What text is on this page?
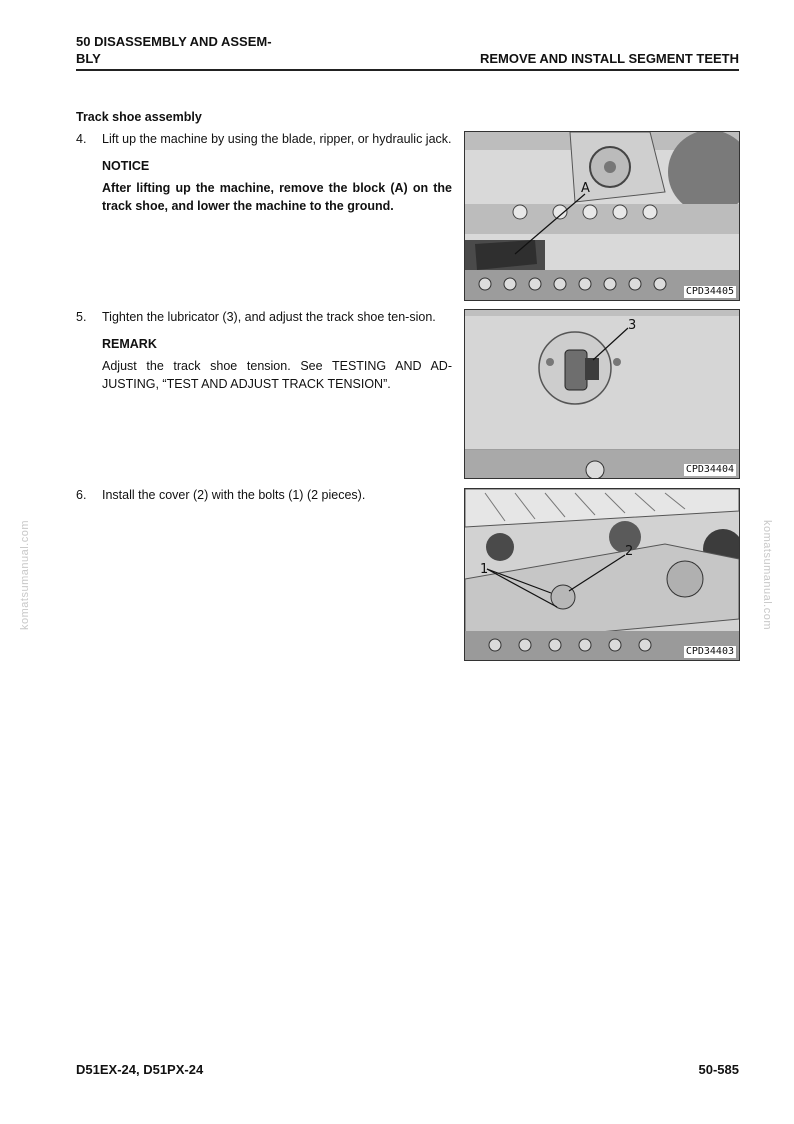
50 DISASSEMBLY AND ASSEM-
BLY	REMOVE AND INSTALL SEGMENT TEETH
Track shoe assembly
4. Lift up the machine by using the blade, ripper, or hydraulic jack.
NOTICE
After lifting up the machine, remove the block (A) on the track shoe, and lower the machine to the ground.
5. Tighten the lubricator (3), and adjust the track shoe ten-sion.
REMARK
Adjust the track shoe tension. See TESTING AND AD-JUSTING, “TEST AND ADJUST TRACK TENSION”.
6. Install the cover (2) with the bolts (1) (2 pieces).
A
CPD34405
3
CPD34404
1
2
CPD34403
komatsumanual.com	komatsumanual.com
D51EX-24, D51PX-24	50-585
